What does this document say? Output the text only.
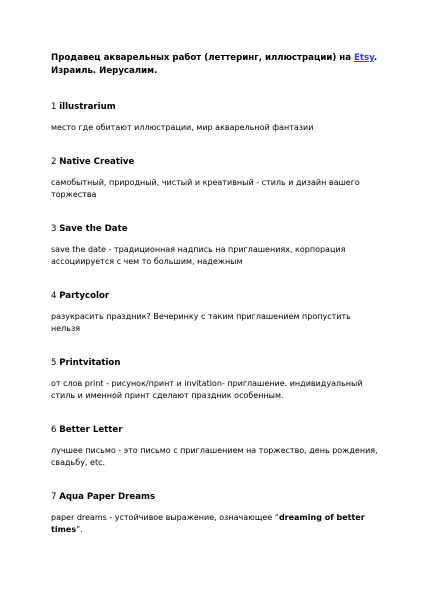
Продавец акварельных работ (леттеринг, иллюстрации) на Etsy.
Израиль. Иерусалим.

1 illustrarium

место где обитают иллюстрации, мир акварельной фантазии

2 Native Creative

самобытный, природный, чистый и креативный - стиль и дизайн вашего торжества

3 Save the Date

save the date - традиционная надпись на приглашениях, корпорация ассоциируется с чем то большим, надежным

4 Partycolor

разукрасить праздник? Вечеринку с таким приглашением пропустить нельзя

5 Printvitation

от слов print - рисунок/принт и invitation- приглашение. индивидуальный стиль и именной принт сделают праздник особенным.

6 Better Letter

лучшее письмо - это письмо с приглашением на торжество, день рождения, свадьбу, etc.

7 Aqua Paper Dreams

paper dreams - устойчивое выражение, означающее “dreaming of better times”.
